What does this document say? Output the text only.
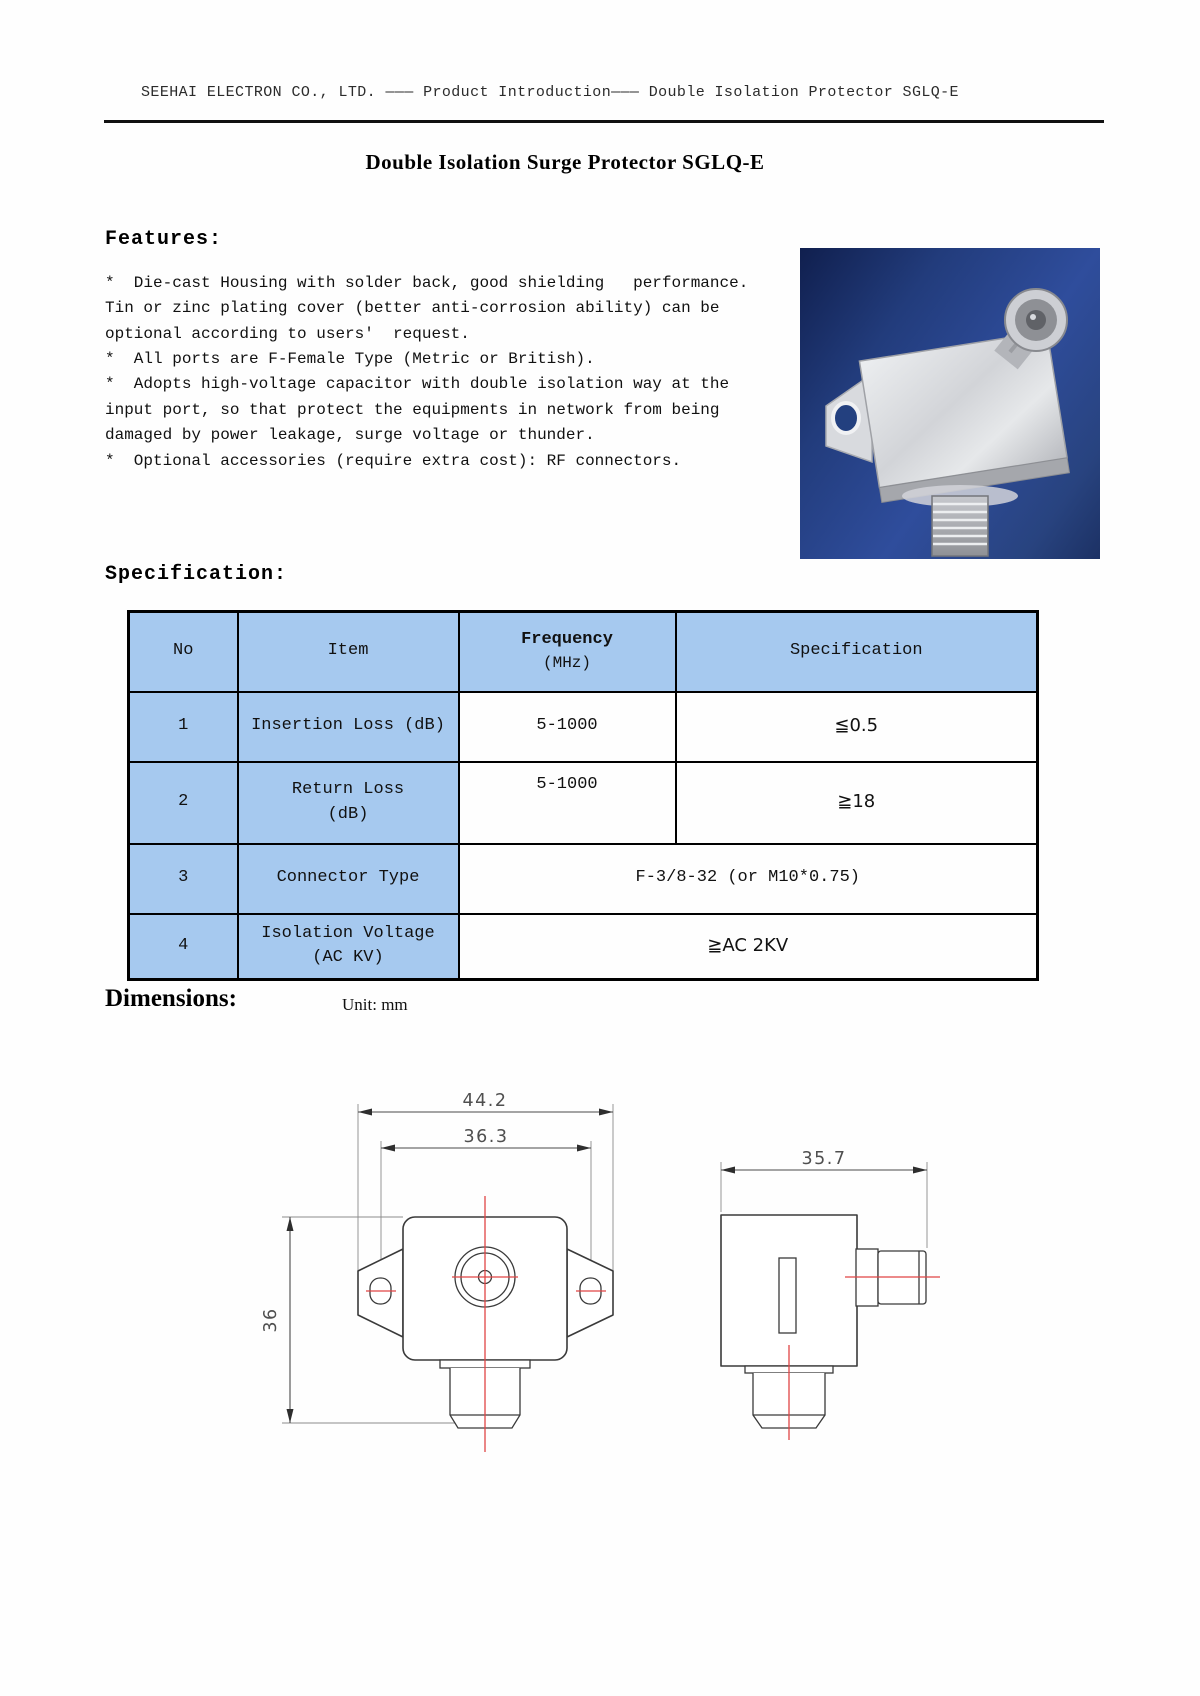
SEEHAI ELECTRON CO., LTD. ——— Product Introduction——— Double Isolation Protector SGLQ-E
Double Isolation Surge Protector SGLQ-E
Features:
*  Die-cast Housing with solder back, good shielding   performance.
Tin or zinc plating cover (better anti-corrosion ability) can be
optional according to users'  request.
*  All ports are F-Female Type (Metric or British).
*  Adopts high-voltage capacitor with double isolation way at the
input port, so that protect the equipments in network from being
damaged by power leakage, surge voltage or thunder.
*  Optional accessories (require extra cost): RF connectors.
Specification:
No	Item	Frequency
(MHz)	Specification
1	Insertion Loss (dB)	5-1000	≦0.5
2	Return Loss
(dB)	5-1000	≧18
3	Connector Type	F-3/8-32 (or M10*0.75)	
4	Isolation Voltage
(AC KV)	≧AC 2KV	
Dimensions:	Unit: mm
44.2
36.3
36
35.7
